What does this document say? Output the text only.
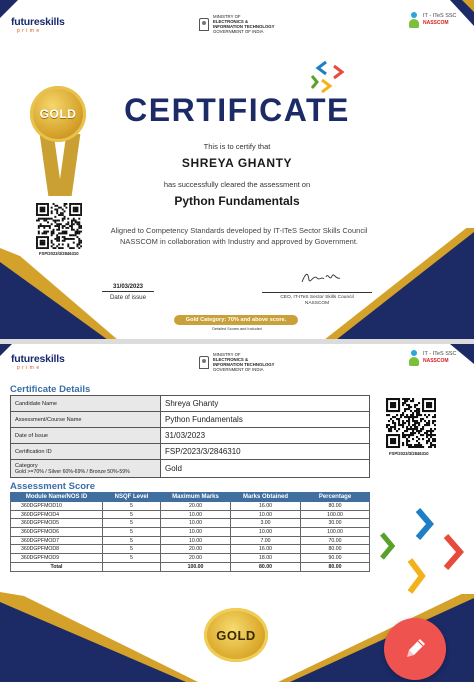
futureskills
prime
MINISTRY OF
ELECTRONICS &
INFORMATION TECHNOLOGY
GOVERNMENT OF INDIA
IT - ITeS SSC
NASSCOM
GOLD	CERTIFICATE
This is to certify that
SHREYA GHANTY
has successfully cleared the assessment on
Python Fundamentals
Aligned to Competency Standards developed by IT-ITeS Sector Skills Council NASSCOM in collaboration with Industry and approved by Government.
FSP/2023/3/2846310
31/03/2023
Date of issue	CEO, IT-ITeS Sector Skills Council
NASSCOM
Gold Category: 70% and above score.
Detailed Scores and Included
futureskills
prime
MINISTRY OF
ELECTRONICS &
INFORMATION TECHNOLOGY
GOVERNMENT OF INDIA
IT - ITeS SSC
NASSCOM
Certificate Details
Candidate Name	Shreya Ghanty
Assessment/Course Name	Python Fundamentals
Date of Issue	31/03/2023
Certification ID	FSP/2023/3/2846310

Category
Gold >=70% / Silver 60%-69% / Bronze 50%-59%	Gold
FSP/2023/3/2846310
Assessment Score
Module Name/NOS ID	NSQF Level	Maximum Marks	Marks Obtained	Percentage
360DGPFMOD10	5	20.00	16.00	80.00
360DGPFMOD4	5	10.00	10.00	100.00
360DGPFMOD5	5	10.00	3.00	30.00
360DGPFMOD6	5	10.00	10.00	100.00
360DGPFMOD7	5	10.00	7.00	70.00
360DGPFMOD8	5	20.00	16.00	80.00
360DGPFMOD9	5	20.00	18.00	90.00
Total		100.00	80.00	80.00
GOLD
